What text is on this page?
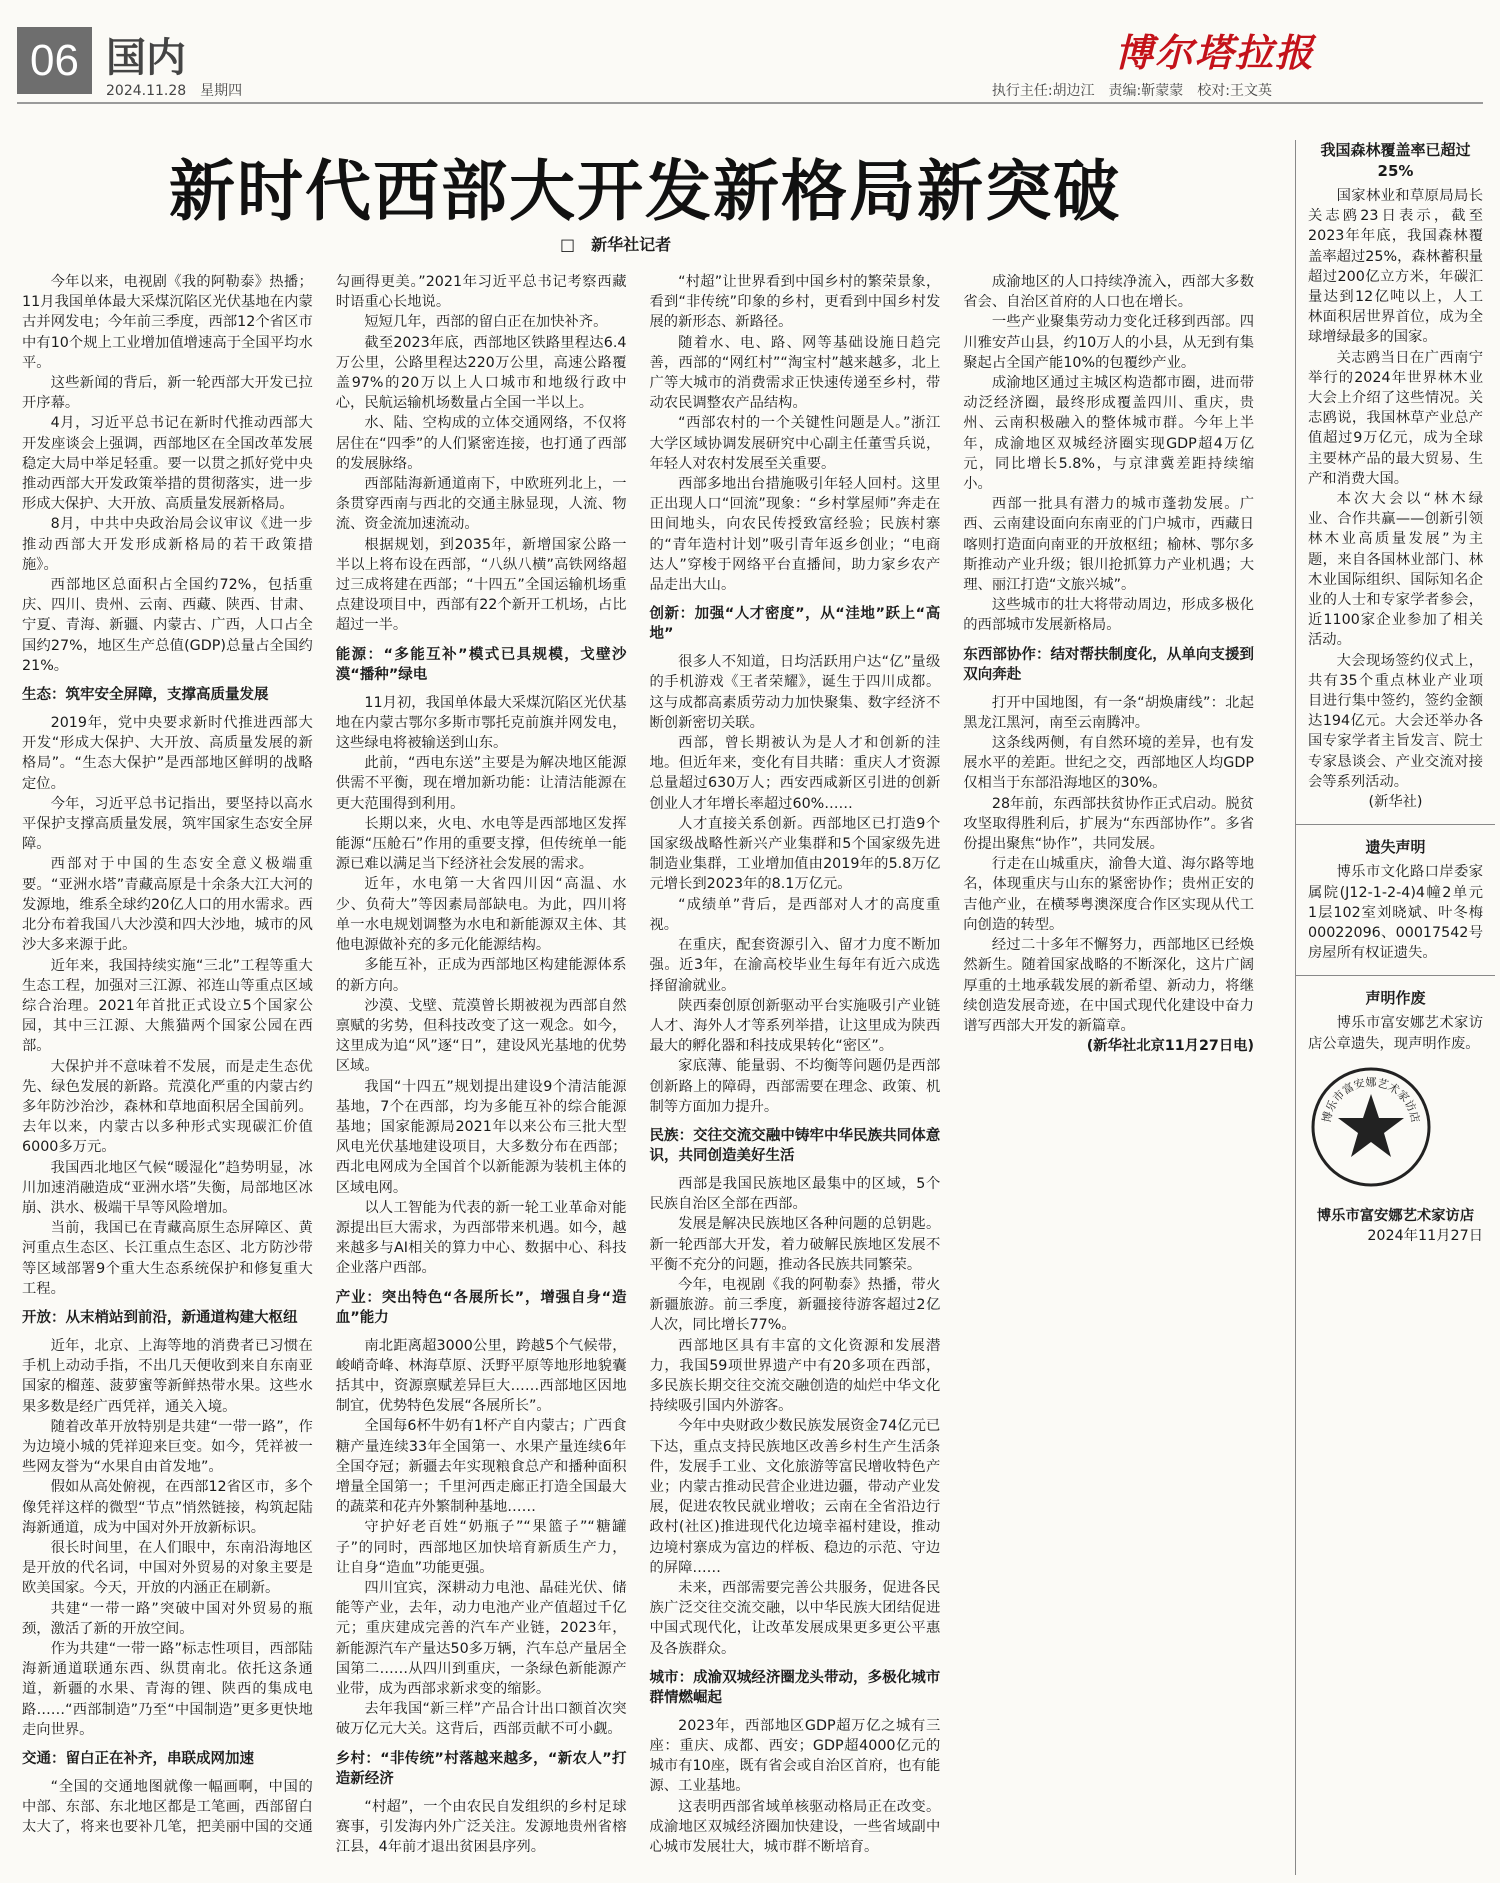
06 国内
2024.11.28　星期四
博尔塔拉报
执行主任:胡边江　责编:靳蒙蒙　校对:王文英
新时代西部大开发新格局新突破
□　新华社记者

今年以来，电视剧《我的阿勒泰》热播；11月我国单体最大采煤沉陷区光伏基地在内蒙古并网发电；今年前三季度，西部12个省区市中有10个规上工业增加值增速高于全国平均水平。

这些新闻的背后，新一轮西部大开发已拉开序幕。

4月，习近平总书记在新时代推动西部大开发座谈会上强调，西部地区在全国改革发展稳定大局中举足轻重。要一以贯之抓好党中央推动西部大开发政策举措的贯彻落实，进一步形成大保护、大开放、高质量发展新格局。

8月，中共中央政治局会议审议《进一步推动西部大开发形成新格局的若干政策措施》。

西部地区总面积占全国约72%，包括重庆、四川、贵州、云南、西藏、陕西、甘肃、宁夏、青海、新疆、内蒙古、广西，人口占全国约27%，地区生产总值(GDP)总量占全国约21%。

生态：筑牢安全屏障，支撑高质量发展

2019年，党中央要求新时代推进西部大开发“形成大保护、大开放、高质量发展的新格局”。“生态大保护”是西部地区鲜明的战略定位。

今年，习近平总书记指出，要坚持以高水平保护支撑高质量发展，筑牢国家生态安全屏障。

西部对于中国的生态安全意义极端重要。“亚洲水塔”青藏高原是十余条大江大河的发源地，维系全球约20亿人口的用水需求。西北分布着我国八大沙漠和四大沙地，城市的风沙大多来源于此。

近年来，我国持续实施“三北”工程等重大生态工程，加强对三江源、祁连山等重点区域综合治理。2021年首批正式设立5个国家公园，其中三江源、大熊猫两个国家公园在西部。

大保护并不意味着不发展，而是走生态优先、绿色发展的新路。荒漠化严重的内蒙古约多年防沙治沙，森林和草地面积居全国前列。去年以来，内蒙古以多种形式实现碳汇价值6000多万元。

我国西北地区气候“暖湿化”趋势明显，冰川加速消融造成“亚洲水塔”失衡，局部地区冰崩、洪水、极端干旱等风险增加。

当前，我国已在青藏高原生态屏障区、黄河重点生态区、长江重点生态区、北方防沙带等区域部署9个重大生态系统保护和修复重大工程。

开放：从末梢站到前沿，新通道构建大枢纽

近年，北京、上海等地的消费者已习惯在手机上动动手指，不出几天便收到来自东南亚国家的榴莲、菠萝蜜等新鲜热带水果。这些水果多数是经广西凭祥，通关入境。

随着改革开放特别是共建“一带一路”，作为边境小城的凭祥迎来巨变。如今，凭祥被一些网友誉为“水果自由首发地”。

假如从高处俯视，在西部12省区市，多个像凭祥这样的微型“节点”悄然链接，构筑起陆海新通道，成为中国对外开放新标识。

很长时间里，在人们眼中，东南沿海地区是开放的代名词，中国对外贸易的对象主要是欧美国家。今天，开放的内涵正在刷新。

共建“一带一路”突破中国对外贸易的瓶颈，激活了新的开放空间。

作为共建“一带一路”标志性项目，西部陆海新通道联通东西、纵贯南北。依托这条通道，新疆的水果、青海的锂、陕西的集成电路……“西部制造”乃至“中国制造”更多更快地走向世界。

交通：留白正在补齐，串联成网加速

“全国的交通地图就像一幅画啊，中国的中部、东部、东北地区都是工笔画，西部留白太大了，将来也要补几笔，把美丽中国的交通勾画得更美。”2021年习近平总书记考察西藏时语重心长地说。

短短几年，西部的留白正在加快补齐。

截至2023年底，西部地区铁路里程达6.4万公里，公路里程达220万公里，高速公路覆盖97%的20万以上人口城市和地级行政中心，民航运输机场数量占全国一半以上。

水、陆、空构成的立体交通网络，不仅将居住在“四季”的人们紧密连接，也打通了西部的发展脉络。

西部陆海新通道南下，中欧班列北上，一条贯穿西南与西北的交通主脉显现，人流、物流、资金流加速流动。

根据规划，到2035年，新增国家公路一半以上将布设在西部，“八纵八横”高铁网络超过三成将建在西部；“十四五”全国运输机场重点建设项目中，西部有22个新开工机场，占比超过一半。

能源：“多能互补”模式已具规模，戈壁沙漠“播种”绿电

11月初，我国单体最大采煤沉陷区光伏基地在内蒙古鄂尔多斯市鄂托克前旗并网发电，这些绿电将被输送到山东。

此前，“西电东送”主要是为解决地区能源供需不平衡，现在增加新功能：让清洁能源在更大范围得到利用。

长期以来，火电、水电等是西部地区发挥能源“压舱石”作用的重要支撑，但传统单一能源已难以满足当下经济社会发展的需求。

近年，水电第一大省四川因“高温、水少、负荷大”等因素局部缺电。为此，四川将单一水电规划调整为水电和新能源双主体、其他电源做补充的多元化能源结构。

多能互补，正成为西部地区构建能源体系的新方向。

沙漠、戈壁、荒漠曾长期被视为西部自然禀赋的劣势，但科技改变了这一观念。如今，这里成为追“风”逐“日”，建设风光基地的优势区域。

我国“十四五”规划提出建设9个清洁能源基地，7个在西部，均为多能互补的综合能源基地；国家能源局2021年以来公布三批大型风电光伏基地建设项目，大多数分布在西部；西北电网成为全国首个以新能源为装机主体的区域电网。

以人工智能为代表的新一轮工业革命对能源提出巨大需求，为西部带来机遇。如今，越来越多与AI相关的算力中心、数据中心、科技企业落户西部。

产业：突出特色“各展所长”，增强自身“造血”能力

南北距离超3000公里，跨越5个气候带，峻峭奇峰、林海草原、沃野平原等地形地貌囊括其中，资源禀赋差异巨大……西部地区因地制宜，优势特色发展“各展所长”。

全国每6杯牛奶有1杯产自内蒙古；广西食糖产量连续33年全国第一、水果产量连续6年全国夺冠；新疆去年实现粮食总产和播种面积增量全国第一；千里河西走廊正打造全国最大的蔬菜和花卉外繁制种基地……

守护好老百姓“奶瓶子”“果篮子”“糖罐子”的同时，西部地区加快培育新质生产力，让自身“造血”功能更强。

四川宜宾，深耕动力电池、晶硅光伏、储能等产业，去年，动力电池产业产值超过千亿元；重庆建成完善的汽车产业链，2023年，新能源汽车产量达50多万辆，汽车总产量居全国第二……从四川到重庆，一条绿色新能源产业带，成为西部求新求变的缩影。

去年我国“新三样”产品合计出口额首次突破万亿元大关。这背后，西部贡献不可小觑。

乡村：“非传统”村落越来越多，“新农人”打造新经济

“村超”，一个由农民自发组织的乡村足球赛事，引发海内外广泛关注。发源地贵州省榕江县，4年前才退出贫困县序列。

“村超”让世界看到中国乡村的繁荣景象，看到“非传统”印象的乡村，更看到中国乡村发展的新形态、新路径。

随着水、电、路、网等基础设施日趋完善，西部的“网红村”“淘宝村”越来越多，北上广等大城市的消费需求正快速传递至乡村，带动农民调整农产品结构。

“西部农村的一个关键性问题是人。”浙江大学区域协调发展研究中心副主任董雪兵说，年轻人对农村发展至关重要。

西部多地出台措施吸引年轻人回村。这里正出现人口“回流”现象：“乡村掌屋师”奔走在田间地头，向农民传授致富经验；民族村寨的“青年造村计划”吸引青年返乡创业；“电商达人”穿梭于网络平台直播间，助力家乡农产品走出大山。

创新：加强“人才密度”，从“洼地”跃上“高地”

很多人不知道，日均活跃用户达“亿”量级的手机游戏《王者荣耀》，诞生于四川成都。这与成都高素质劳动力加快聚集、数字经济不断创新密切关联。

西部，曾长期被认为是人才和创新的洼地。但近年来，变化有目共睹：重庆人才资源总量超过630万人；西安西咸新区引进的创新创业人才年增长率超过60%……

人才直接关系创新。西部地区已打造9个国家级战略性新兴产业集群和5个国家级先进制造业集群，工业增加值由2019年的5.8万亿元增长到2023年的8.1万亿元。

“成绩单”背后，是西部对人才的高度重视。

在重庆，配套资源引入、留才力度不断加强。近3年，在渝高校毕业生每年有近六成选择留渝就业。

陕西秦创原创新驱动平台实施吸引产业链人才、海外人才等系列举措，让这里成为陕西最大的孵化器和科技成果转化“密区”。

家底薄、能量弱、不均衡等问题仍是西部创新路上的障碍，西部需要在理念、政策、机制等方面加力提升。

民族：交往交流交融中铸牢中华民族共同体意识，共同创造美好生活

西部是我国民族地区最集中的区域，5个民族自治区全部在西部。

发展是解决民族地区各种问题的总钥匙。新一轮西部大开发，着力破解民族地区发展不平衡不充分的问题，推动各民族共同繁荣。

今年，电视剧《我的阿勒泰》热播，带火新疆旅游。前三季度，新疆接待游客超过2亿人次，同比增长77%。

西部地区具有丰富的文化资源和发展潜力，我国59项世界遗产中有20多项在西部，多民族长期交往交流交融创造的灿烂中华文化持续吸引国内外游客。

今年中央财政少数民族发展资金74亿元已下达，重点支持民族地区改善乡村生产生活条件，发展手工业、文化旅游等富民增收特色产业；内蒙古推动民营企业进边疆，带动产业发展，促进农牧民就业增收；云南在全省沿边行政村(社区)推进现代化边境幸福村建设，推动边境村寨成为富边的样板、稳边的示范、守边的屏障……

未来，西部需要完善公共服务，促进各民族广泛交往交流交融，以中华民族大团结促进中国式现代化，让改革发展成果更多更公平惠及各族群众。

城市：成渝双城经济圈龙头带动，多极化城市群情燃崛起

2023年，西部地区GDP超万亿之城有三座：重庆、成都、西安；GDP超4000亿元的城市有10座，既有省会或自治区首府，也有能源、工业基地。

这表明西部省域单核驱动格局正在改变。成渝地区双城经济圈加快建设，一些省域副中心城市发展壮大，城市群不断培育。

成渝地区的人口持续净流入，西部大多数省会、自治区首府的人口也在增长。

一些产业聚集劳动力变化迁移到西部。四川雅安芦山县，约10万人的小县，从无到有集聚起占全国产能10%的包覆纱产业。

成渝地区通过主城区构造都市圈，进而带动泛经济圈，最终形成覆盖四川、重庆，贵州、云南积极融入的整体城市群。今年上半年，成渝地区双城经济圈实现GDP超4万亿元，同比增长5.8%，与京津冀差距持续缩小。

西部一批具有潜力的城市蓬勃发展。广西、云南建设面向东南亚的门户城市，西藏日喀则打造面向南亚的开放枢纽；榆林、鄂尔多斯推动产业升级；银川抢抓算力产业机遇；大理、丽江打造“文旅兴城”。

这些城市的壮大将带动周边，形成多极化的西部城市发展新格局。

东西部协作：结对帮扶制度化，从单向支援到双向奔赴

打开中国地图，有一条“胡焕庸线”：北起黑龙江黑河，南至云南腾冲。

这条线两侧，有自然环境的差异，也有发展水平的差距。世纪之交，西部地区人均GDP仅相当于东部沿海地区的30%。

28年前，东西部扶贫协作正式启动。脱贫攻坚取得胜利后，扩展为“东西部协作”。多省份提出聚焦“协作”，共同发展。

行走在山城重庆，渝鲁大道、海尔路等地名，体现重庆与山东的紧密协作；贵州正安的吉他产业，在横琴粤澳深度合作区实现从代工向创造的转型。

经过二十多年不懈努力，西部地区已经焕然新生。随着国家战略的不断深化，这片广阔厚重的土地承载发展的新希望、新动力，将继续创造发展奇迹，在中国式现代化建设中奋力谱写西部大开发的新篇章。

(新华社北京11月27日电)

我国森林覆盖率已超过25%

国家林业和草原局局长关志鸥23日表示，截至2023年年底，我国森林覆盖率超过25%，森林蓄积量超过200亿立方米，年碳汇量达到12亿吨以上，人工林面积居世界首位，成为全球增绿最多的国家。

关志鸥当日在广西南宁举行的2024年世界林木业大会上介绍了这些情况。关志鸥说，我国林草产业总产值超过9万亿元，成为全球主要林产品的最大贸易、生产和消费大国。

本次大会以“林木绿业、合作共赢——创新引领林木业高质量发展”为主题，来自各国林业部门、林木业国际组织、国际知名企业的人士和专家学者参会，近1100家企业参加了相关活动。

大会现场签约仪式上，共有35个重点林业产业项目进行集中签约，签约金额达194亿元。大会还举办各国专家学者主旨发言、院士专家恳谈会、产业交流对接会等系列活动。

(新华社)

遗失声明

博乐市文化路口岸委家属院(J12-1-2-4)4幢2单元1层102室刘晓斌、叶冬梅00022096、00017542号房屋所有权证遗失。

声明作废

博乐市富安娜艺术家访店公章遗失，现声明作废。

博乐市富安娜艺术家访店

博乐市富安娜艺术家访店

2024年11月27日
